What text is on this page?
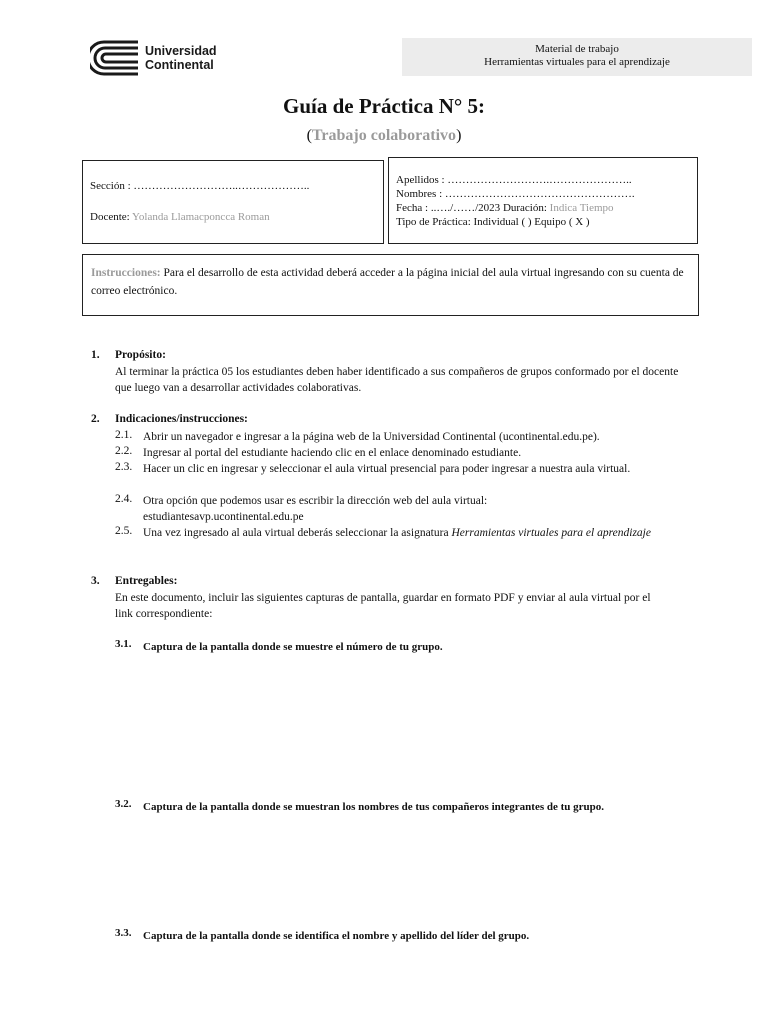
Universidad
Continental
Material de trabajo
Herramientas virtuales para el aprendizaje
Guía de Práctica N° 5:
(Trabajo colaborativo)
Sección : ………………………..………………..
Docente: Yolanda Llamacponcca Roman
Apellidos : ……………………….…………………..
Nombres : …………………………………………….
Fecha : ..…./……/2023 Duración: Indica Tiempo
Tipo de Práctica: Individual ( ) Equipo ( X )
Instrucciones: Para el desarrollo de esta actividad deberá acceder a la página inicial del aula virtual ingresando con su cuenta de correo electrónico.
1. Propósito:
Al terminar la práctica 05 los estudiantes deben haber identificado a sus compañeros de grupos conformado por el docente que luego van a desarrollar actividades colaborativas.
2. Indicaciones/instrucciones:
2.1. Abrir un navegador e ingresar a la página web de la Universidad Continental (ucontinental.edu.pe).
2.2. Ingresar al portal del estudiante haciendo clic en el enlace denominado estudiante.
2.3. Hacer un clic en ingresar y seleccionar el aula virtual presencial para poder ingresar a nuestra aula virtual.
2.4. Otra opción que podemos usar es escribir la dirección web del aula virtual: estudiantesavp.ucontinental.edu.pe
2.5. Una vez ingresado al aula virtual deberás seleccionar la asignatura Herramientas virtuales para el aprendizaje
3. Entregables:
En este documento, incluir las siguientes capturas de pantalla, guardar en formato PDF y enviar al aula virtual por el link correspondiente:
3.1. Captura de la pantalla donde se muestre el número de tu grupo.
3.2. Captura de la pantalla donde se muestran los nombres de tus compañeros integrantes de tu grupo.
3.3. Captura de la pantalla donde se identifica el nombre y apellido del líder del grupo.
